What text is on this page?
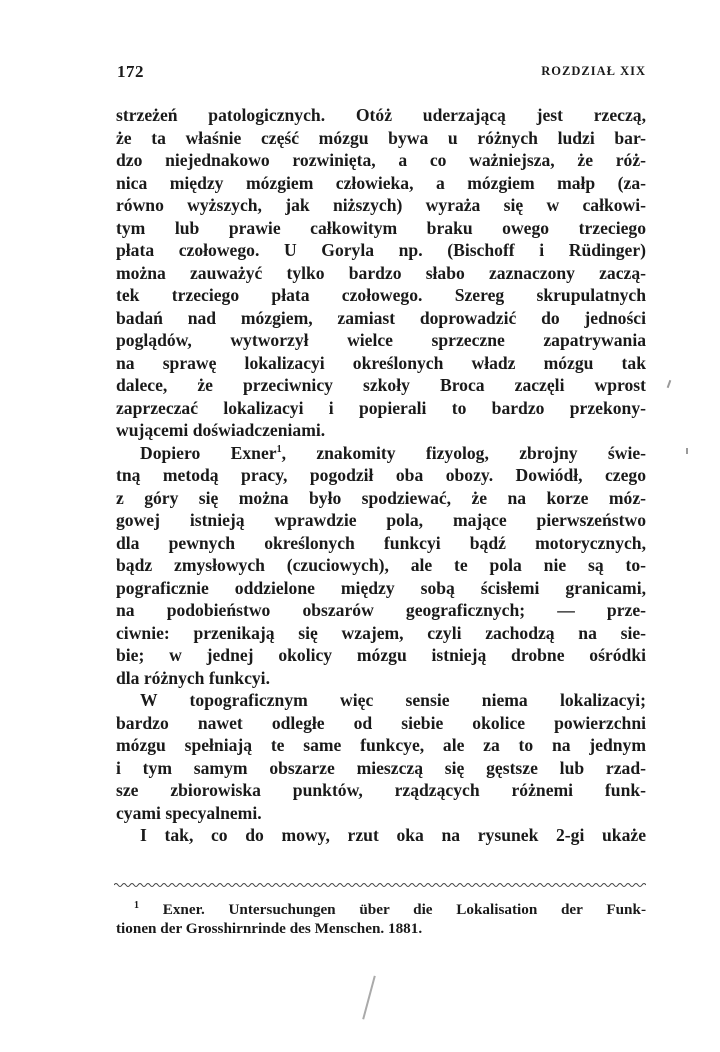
172	ROZDZIAŁ XIX
strzeżeń patologicznych. Otóż uderzającą jest rzeczą,
że ta właśnie część mózgu bywa u różnych ludzi bar-
dzo niejednakowo rozwinięta, a co ważniejsza, że róż-
nica między mózgiem człowieka, a mózgiem małp (za-
równo wyższych, jak niższych) wyraża się w całkowi-
tym lub prawie całkowitym braku owego trzeciego
płata czołowego. U Goryla np. (Bischoff i Rüdinger)
można zauważyć tylko bardzo słabo zaznaczony zaczą-
tek trzeciego płata czołowego. Szereg skrupulatnych
badań nad mózgiem, zamiast doprowadzić do jedności
poglądów, wytworzył wielce sprzeczne zapatrywania
na sprawę lokalizacyi określonych władz mózgu tak
dalece, że przeciwnicy szkoły Broca zaczęli wprost
zaprzeczać lokalizacyi i popierali to bardzo przekony-
wującemi doświadczeniami.
Dopiero Exner$^1$, znakomity fizyolog, zbrojny świe-
tną metodą pracy, pogodził oba obozy. Dowiódł, czego
z góry się można było spodziewać, że na korze móz-
gowej istnieją wprawdzie pola, mające pierwszeństwo
dla pewnych określonych funkcyi bądź motorycznych,
bądz zmysłowych (czuciowych), ale te pola nie są to-
pograficznie oddzielone między sobą ścisłemi granicami,
na podobieństwo obszarów geograficznych; — prze-
ciwnie: przenikają się wzajem, czyli zachodzą na sie-
bie; w jednej okolicy mózgu istnieją drobne ośródki
dla różnych funkcyi.
W topograficznym więc sensie niema lokalizacyi;
bardzo nawet odległe od siebie okolice powierzchni
mózgu spełniają te same funkcye, ale za to na jednym
i tym samym obszarze mieszczą się gęstsze lub rzad-
sze zbiorowiska punktów, rządzących różnemi funk-
cyami specyalnemi.
I tak, co do mowy, rzut oka na rysunek 2-gi ukaże
$^1$ Exner. Untersuchungen über die Lokalisation der Funk-
tionen der Grosshirnrinde des Menschen. 1881.
